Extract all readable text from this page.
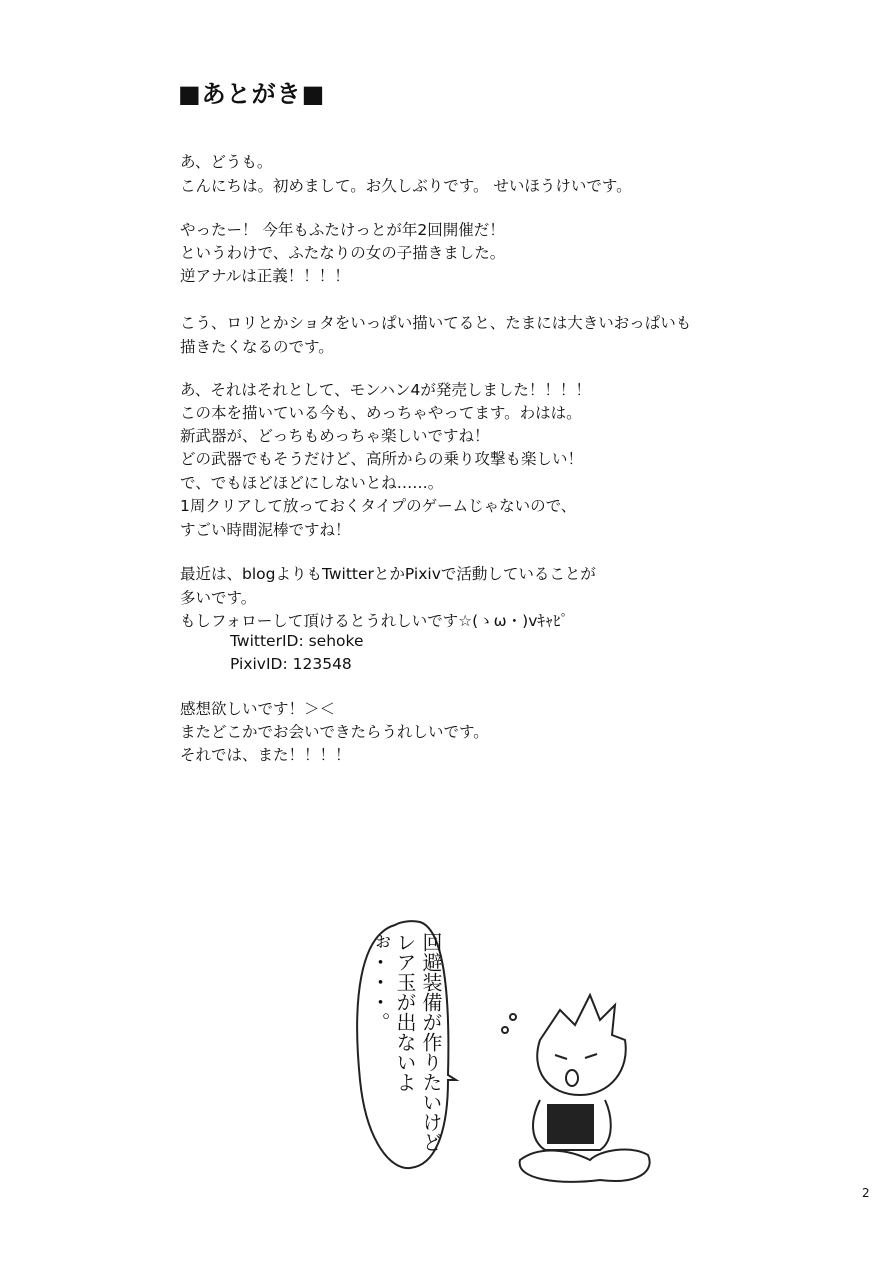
■あとがき■
あ、どうも。
こんにちは。初めまして。お久しぶりです。 せいほうけいです。
やったー！ 今年もふたけっとが年2回開催だ！
というわけで、ふたなりの女の子描きました。
逆アナルは正義！！！！
こう、ロリとかショタをいっぱい描いてると、たまには大きいおっぱいも
描きたくなるのです。
あ、それはそれとして、モンハン4が発売しました！！！！
この本を描いている今も、めっちゃやってます。わはは。
新武器が、どっちもめっちゃ楽しいですね！
どの武器でもそうだけど、高所からの乗り攻撃も楽しい！
で、でもほどほどにしないとね……。
1周クリアして放っておくタイプのゲームじゃないので、
すごい時間泥棒ですね！
最近は、blogよりもTwitterとかPixivで活動していることが
多いです。
もしフォローして頂けるとうれしいです☆(ゝω・)vｷｬﾋﾟ
TwitterID: sehoke
PixivID: 123548
感想欲しいです！＞＜
またどこかでお会いできたらうれしいです。
それでは、また！！！！
回避装備が作りたいけど
レア玉が出ないよぉ・・・。
2
